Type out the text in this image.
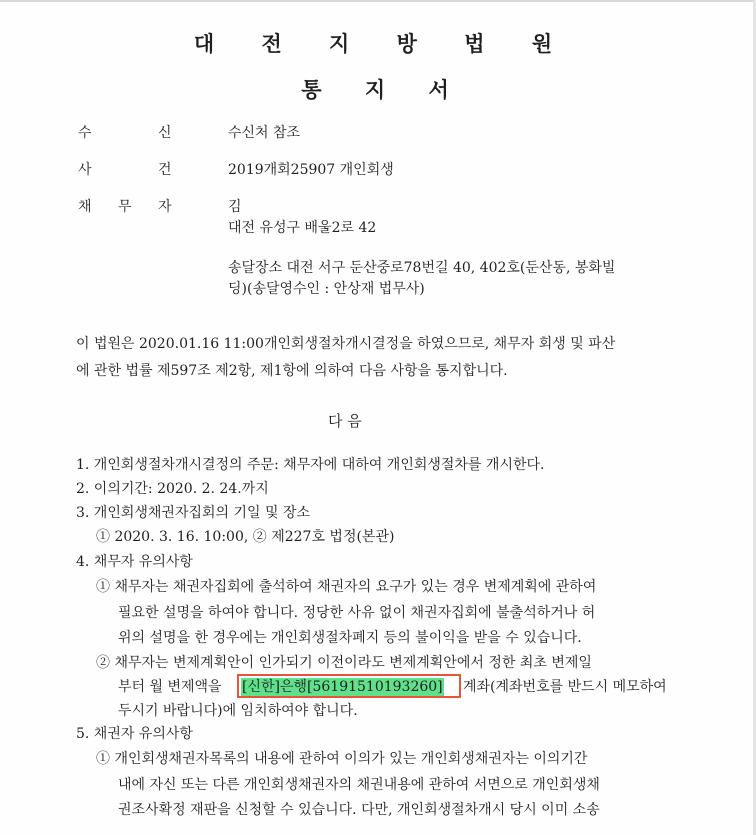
대 전 지 방 법 원
통 지 서
수	신	수신처 참조
사	건	2019개회25907 개인회생
채 무 자	김
대전 유성구 배울2로 42
송달장소 대전 서구 둔산중로78번길 40, 402호(둔산동, 봉화빌
딩)(송달영수인 : 안상재 법무사)
이 법원은 2020.01.16 11:00개인회생절차개시결정을 하였으므로, 채무자 회생 및 파산
에 관한 법률 제597조 제2항, 제1항에 의하여 다음 사항을 통지합니다.
다 음
1. 개인회생절차개시결정의 주문: 채무자에 대하여 개인회생절차를 개시한다.
2. 이의기간: 2020. 2. 24.까지
3. 개인회생채권자집회의 기일 및 장소
① 2020. 3. 16. 10:00, ② 제227호 법정(본관)
4. 채무자 유의사항
① 채무자는 채권자집회에 출석하여 채권자의 요구가 있는 경우 변제계획에 관하여
필요한 설명을 하여야 합니다. 정당한 사유 없이 채권자집회에 불출석하거나 허
위의 설명을 한 경우에는 개인회생절차폐지 등의 불이익을 받을 수 있습니다.
② 채무자는 변제계획안이 인가되기 이전이라도 변제계획안에서 정한 최초 변제일
부터 월 변제액을 [신한]은행[56191510193260] 계좌(계좌번호를 반드시 메모하여
두시기 바랍니다)에 임치하여야 합니다.
5. 채권자 유의사항
① 개인회생채권자목록의 내용에 관하여 이의가 있는 개인회생채권자는 이의기간
내에 자신 또는 다른 개인회생채권자의 채권내용에 관하여 서면으로 개인회생채
권조사확정 재판을 신청할 수 있습니다. 다만, 개인회생절차개시 당시 이미 소송
